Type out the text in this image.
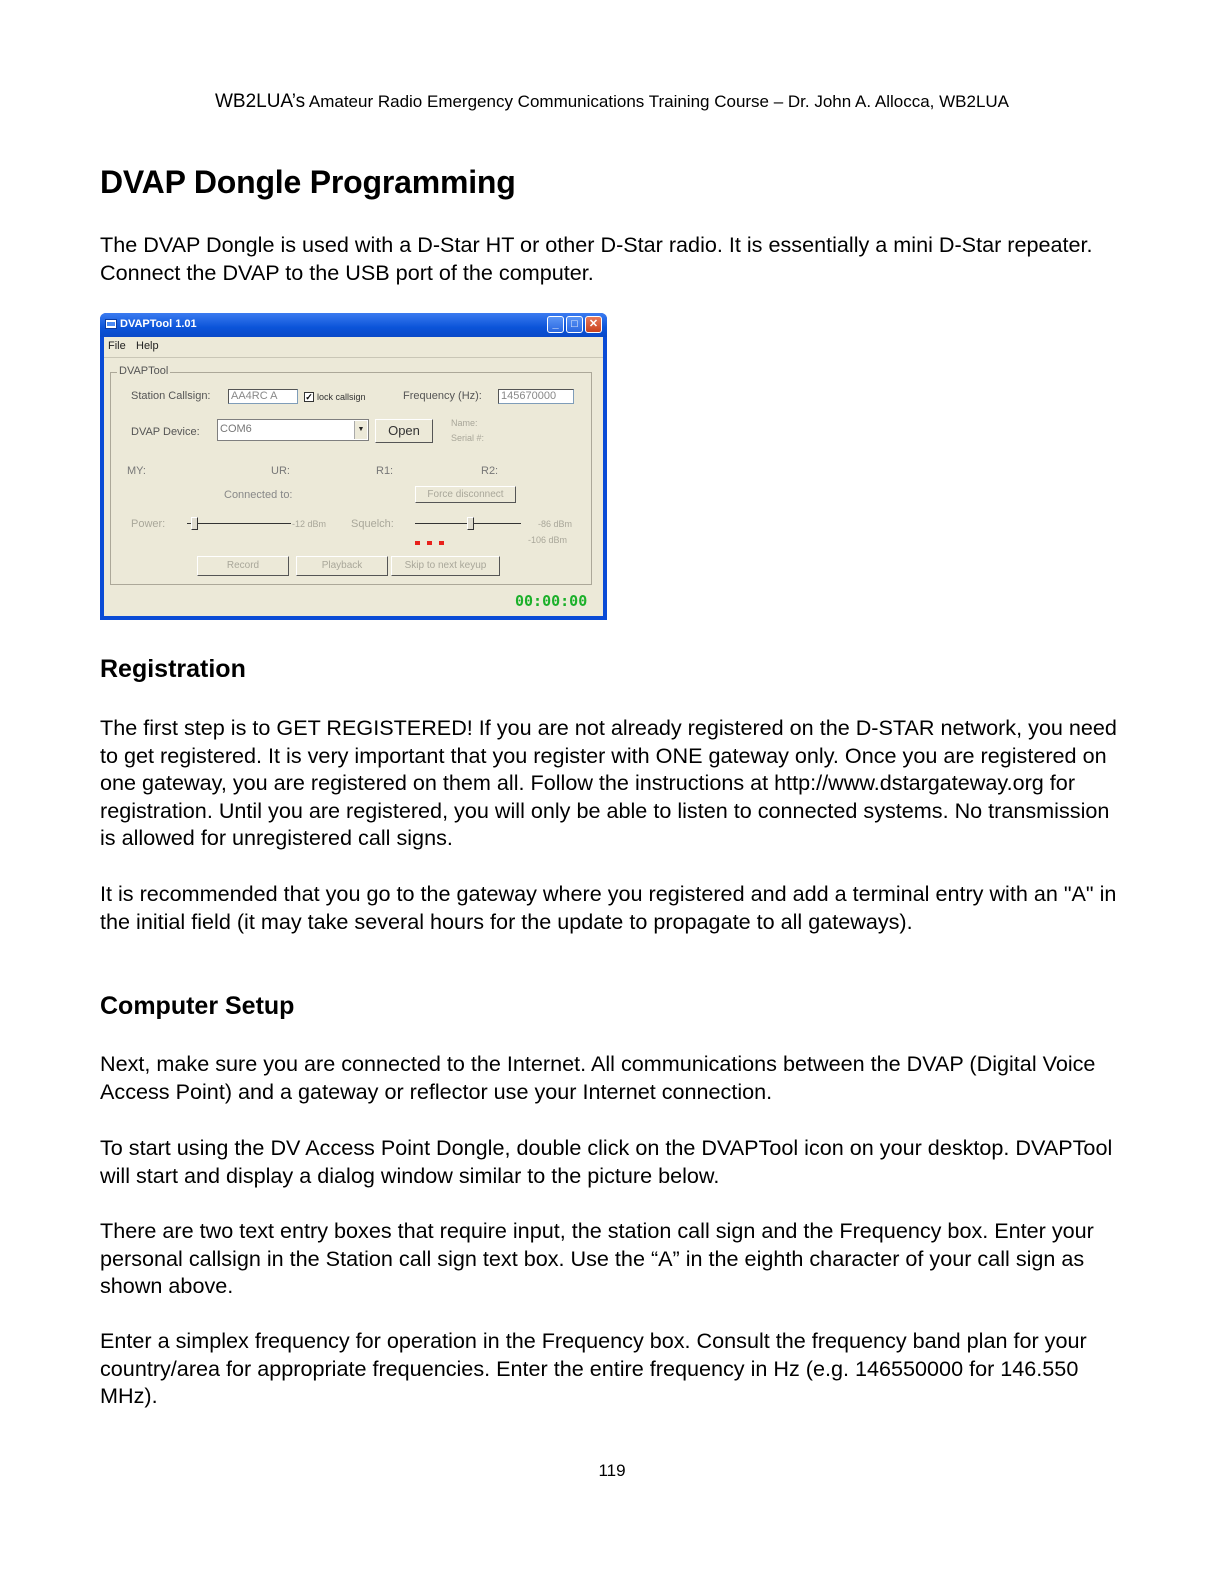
WB2LUA’s Amateur Radio Emergency Communications Training Course – Dr. John A. Allocca, WB2LUA
DVAP Dongle Programming

The DVAP Dongle is used with a D-Star HT or other D-Star radio. It is essentially a mini D-Star repeater. Connect the DVAP to the USB port of the computer.

DVAPTool 1.01	_	□	✕
File Help
DVAPTool
Station Callsign: AA4RC A	✓ lock callsign	Frequency (Hz): 145670000
DVAP Device: COM6	▼	Open	Name:
Serial #:
MY:	UR:	R1:	R2:
Connected to:	Force disconnect
Power:	-12 dBm Squelch:	-86 dBm
-106 dBm
Record	Playback	Skip to next keyup
00:00:00
Registration

The first step is to GET REGISTERED! If you are not already registered on the D-STAR network, you need to get registered. It is very important that you register with ONE gateway only. Once you are registered on one gateway, you are registered on them all. Follow the instructions at http://www.dstargateway.org for registration. Until you are registered, you will only be able to listen to connected systems. No transmission is allowed for unregistered call signs.

It is recommended that you go to the gateway where you registered and add a terminal entry with an "A" in the initial field (it may take several hours for the update to propagate to all gateways).

Computer Setup

Next, make sure you are connected to the Internet. All communications between the DVAP (Digital Voice Access Point) and a gateway or reflector use your Internet connection.

To start using the DV Access Point Dongle, double click on the DVAPTool icon on your desktop. DVAPTool will start and display a dialog window similar to the picture below.

There are two text entry boxes that require input, the station call sign and the Frequency box. Enter your personal callsign in the Station call sign text box. Use the “A” in the eighth character of your call sign as shown above.

Enter a simplex frequency for operation in the Frequency box. Consult the frequency band plan for your country/area for appropriate frequencies. Enter the entire frequency in Hz (e.g. 146550000 for 146.550 MHz).

119
